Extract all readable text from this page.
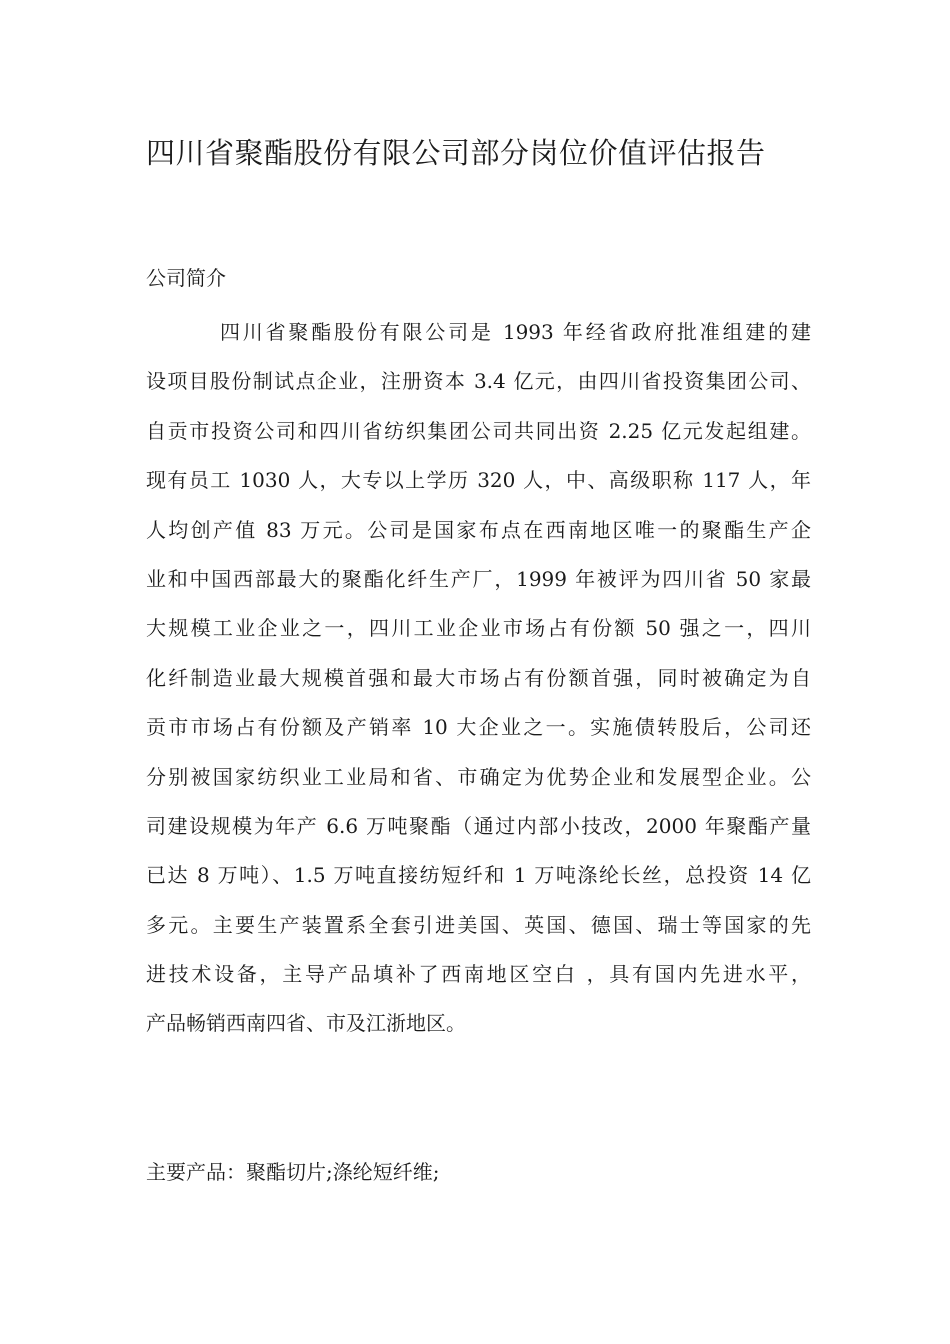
四川省聚酯股份有限公司部分岗位价值评估报告
公司简介
四川省聚酯股份有限公司是 1993 年经省政府批准组建的建
设项目股份制试点企业，注册资本 3.4 亿元，由四川省投资集团公司、
自贡市投资公司和四川省纺织集团公司共同出资 2.25 亿元发起组建。
现有员工 1030 人，大专以上学历 320 人，中、高级职称 117 人，年
人均创产值 83 万元。公司是国家布点在西南地区唯一的聚酯生产企
业和中国西部最大的聚酯化纤生产厂，1999 年被评为四川省 50 家最
大规模工业企业之一，四川工业企业市场占有份额 50 强之一，四川
化纤制造业最大规模首强和最大市场占有份额首强，同时被确定为自
贡市市场占有份额及产销率 10 大企业之一。实施债转股后，公司还
分别被国家纺织业工业局和省、市确定为优势企业和发展型企业。公
司建设规模为年产 6.6 万吨聚酯（通过内部小技改，2000 年聚酯产量
已达 8 万吨）、1.5 万吨直接纺短纤和 1 万吨涤纶长丝，总投资 14 亿
多元。主要生产装置系全套引进美国、英国、德国、瑞士等国家的先
进技术设备，主导产品填补了西南地区空白 ，具有国内先进水平，
产品畅销西南四省、市及江浙地区。
主要产品：聚酯切片;涤纶短纤维;
